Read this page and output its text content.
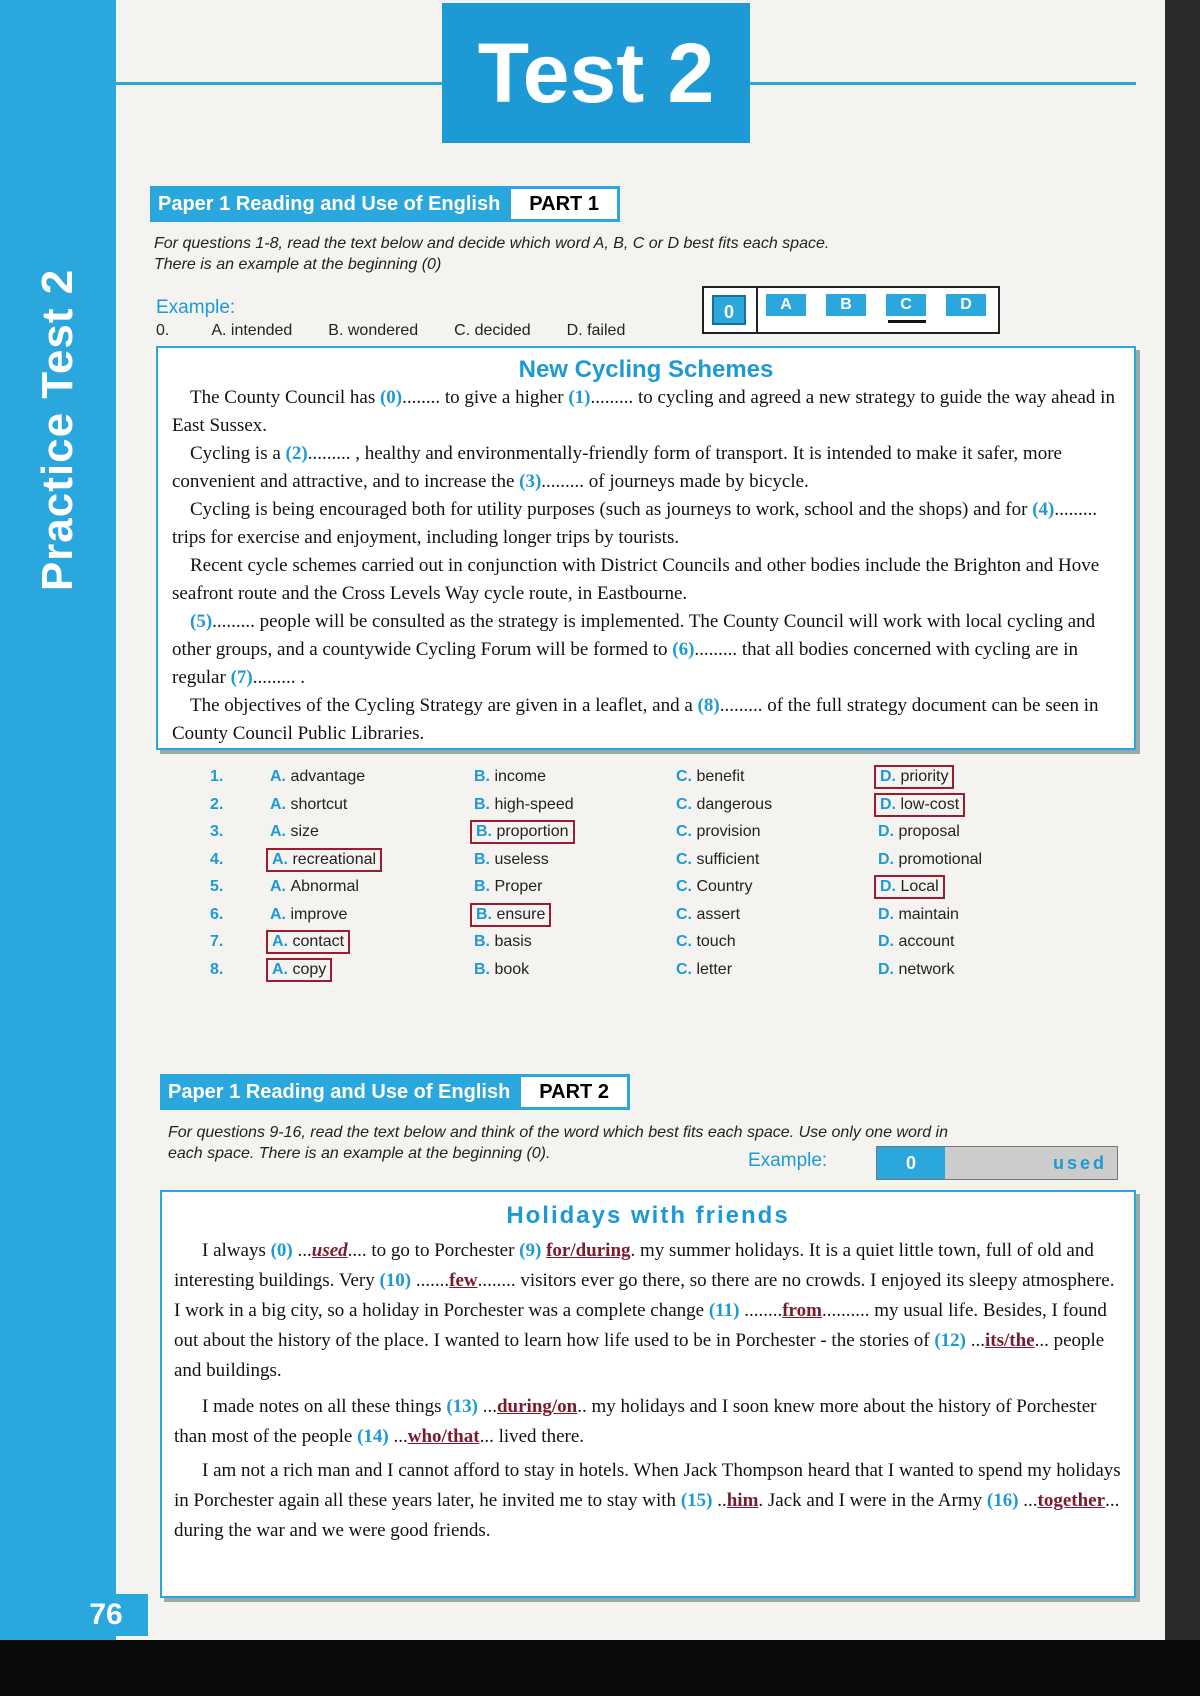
Practice Test 2
76
Test 2
Paper 1 Reading and Use of English	PART 1
For questions 1-8, read the text below and decide which word A, B, C or D best fits each space.
There is an example at the beginning (0)
Example:
0.	A. intended B. wondered C. decided D. failed
0	A	B	C	D
New Cycling Schemes

The County Council has (0)........ to give a higher (1)......... to cycling and agreed a new strategy to guide the way ahead in East Sussex.

Cycling is a (2)......... , healthy and environmentally-friendly form of transport. It is intended to make it safer, more convenient and attractive, and to increase the (3)......... of journeys made by bicycle.

Cycling is being encouraged both for utility purposes (such as journeys to work, school and the shops) and for (4)......... trips for exercise and enjoyment, including longer trips by tourists.

Recent cycle schemes carried out in conjunction with District Councils and other bodies include the Brighton and Hove seafront route and the Cross Levels Way cycle route, in Eastbourne.

(5)......... people will be consulted as the strategy is implemented. The County Council will work with local cycling and other groups, and a countywide Cycling Forum will be formed to (6)......... that all bodies concerned with cycling are in regular (7)......... .

The objectives of the Cycling Strategy are given in a leaflet, and a (8)......... of the full strategy document can be seen in County Council Public Libraries.

1.	A. advantage	B. income	C. benefit	D. priority
2.	A. shortcut	B. high-speed	C. dangerous	D. low-cost
3.	A. size	B. proportion	C. provision	D. proposal
4.	A. recreational	B. useless	C. sufficient	D. promotional
5.	A. Abnormal	B. Proper	C. Country	D. Local
6.	A. improve	B. ensure	C. assert	D. maintain
7.	A. contact	B. basis	C. touch	D. account
8.	A. copy	B. book	C. letter	D. network
Paper 1 Reading and Use of English	PART 2
For questions 9-16, read the text below and think of the word which best fits each space. Use only one word in
each space. There is an example at the beginning (0).	Example:	0	used
Holidays with friends

I always (0) ...used.... to go to Porchester (9) for/during. my summer holidays. It is a quiet little town, full of old and interesting buildings. Very (10) .......few........ visitors ever go there, so there are no crowds. I enjoyed its sleepy atmosphere. I work in a big city, so a holiday in Porchester was a complete change (11) ........from.......... my usual life. Besides, I found out about the history of the place. I wanted to learn how life used to be in Porchester - the stories of (12) ...its/the... people and buildings.

I made notes on all these things (13) ...during/on.. my holidays and I soon knew more about the history of Porchester than most of the people (14) ...who/that... lived there.

I am not a rich man and I cannot afford to stay in hotels. When Jack Thompson heard that I wanted to spend my holidays in Porchester again all these years later, he invited me to stay with (15) ..him. Jack and I were in the Army (16) ...together... during the war and we were good friends.
